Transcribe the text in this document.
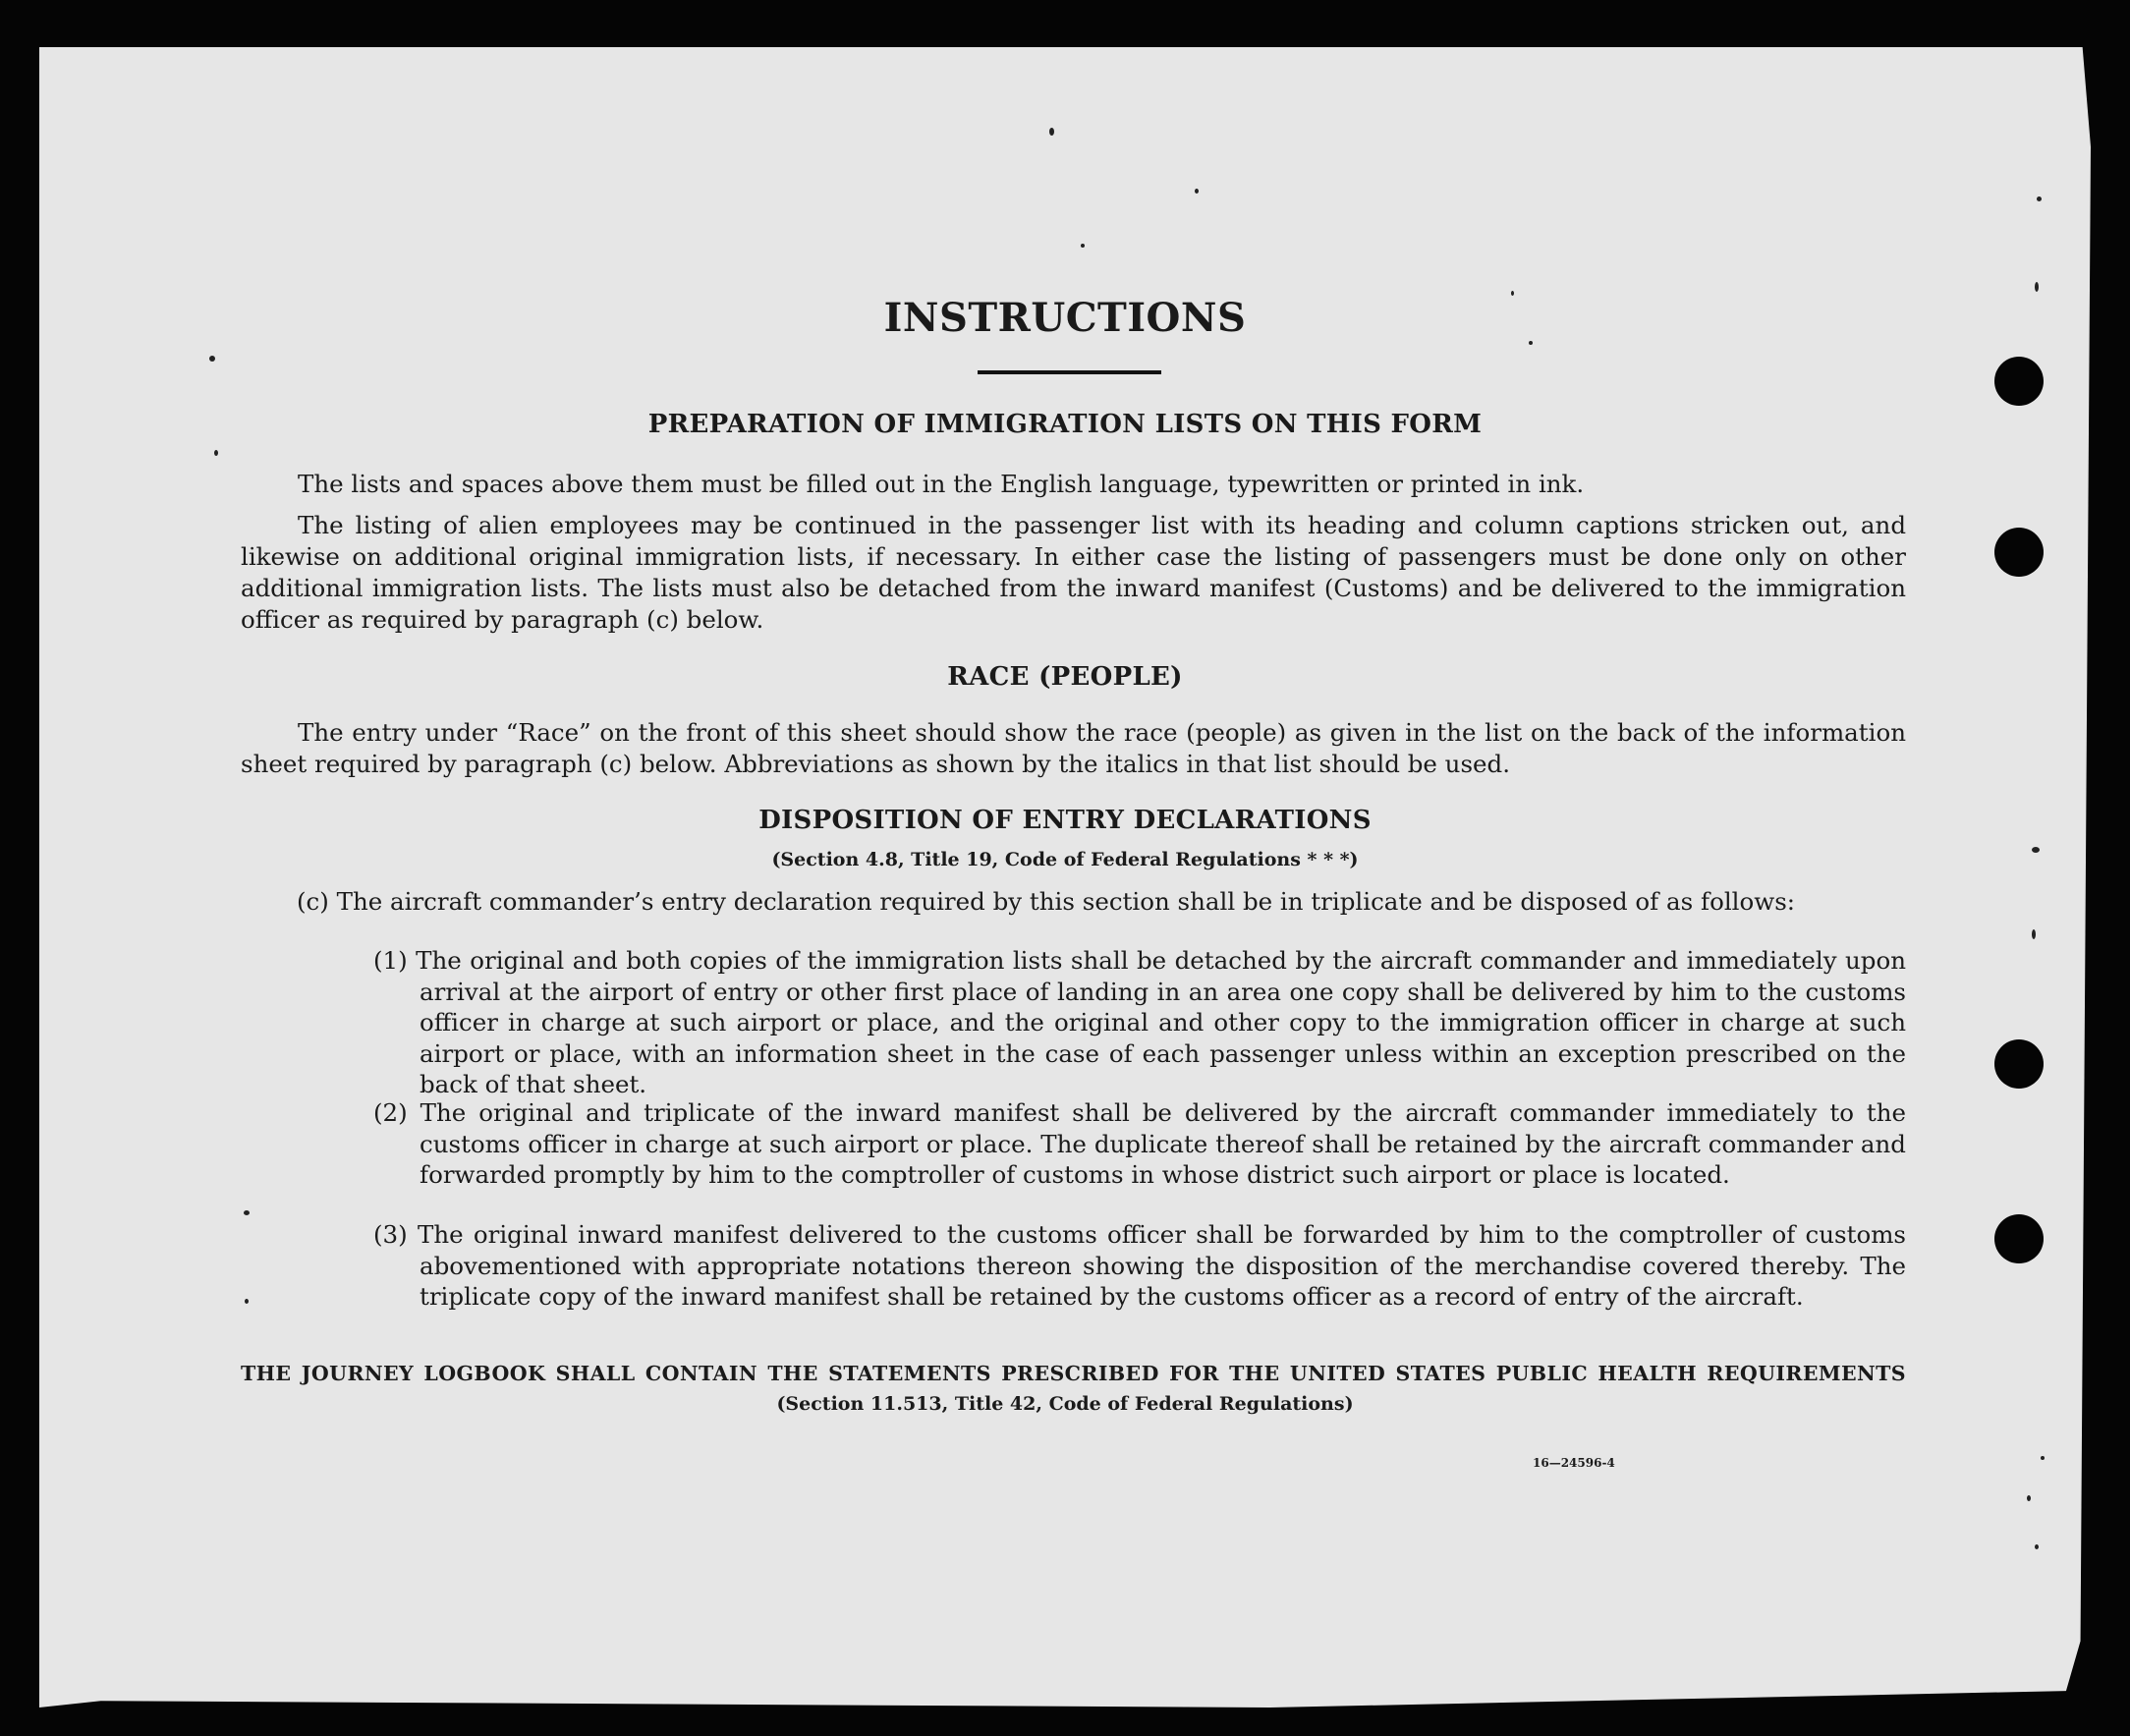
INSTRUCTIONS
PREPARATION OF IMMIGRATION LISTS ON THIS FORM

The lists and spaces above them must be filled out in the English language, typewritten or printed in ink.

The listing of alien employees may be continued in the passenger list with its heading and column captions stricken out, and likewise on additional original immigration lists, if necessary. In either case the listing of passengers must be done only on other additional immigration lists. The lists must also be detached from the inward manifest (Customs) and be delivered to the immigration officer as required by paragraph (c) below.

RACE (PEOPLE)

The entry under “Race” on the front of this sheet should show the race (people) as given in the list on the back of the information sheet required by paragraph (c) below. Abbreviations as shown by the italics in that list should be used.

DISPOSITION OF ENTRY DECLARATIONS
(Section 4.8, Title 19, Code of Federal Regulations * * *)

(c) The aircraft commander’s entry declaration required by this section shall be in triplicate and be disposed of as follows:

(1) The original and both copies of the immigration lists shall be detached by the aircraft commander and immediately upon arrival at the airport of entry or other first place of landing in an area one copy shall be delivered by him to the customs officer in charge at such airport or place, and the original and other copy to the immigration officer in charge at such airport or place, with an information sheet in the case of each passenger unless within an exception prescribed on the back of that sheet.
(2) The original and triplicate of the inward manifest shall be delivered by the aircraft commander immediately to the customs officer in charge at such airport or place. The duplicate thereof shall be retained by the aircraft commander and forwarded promptly by him to the comptroller of customs in whose district such airport or place is located.
(3) The original inward manifest delivered to the customs officer shall be forwarded by him to the comptroller of customs abovementioned with appropriate notations thereon showing the disposition of the merchandise covered thereby. The triplicate copy of the inward manifest shall be retained by the customs officer as a record of entry of the aircraft.
THE JOURNEY LOGBOOK SHALL CONTAIN THE STATEMENTS PRESCRIBED FOR THE UNITED STATES PUBLIC HEALTH REQUIREMENTS
(Section 11.513, Title 42, Code of Federal Regulations)
16—24596-4
